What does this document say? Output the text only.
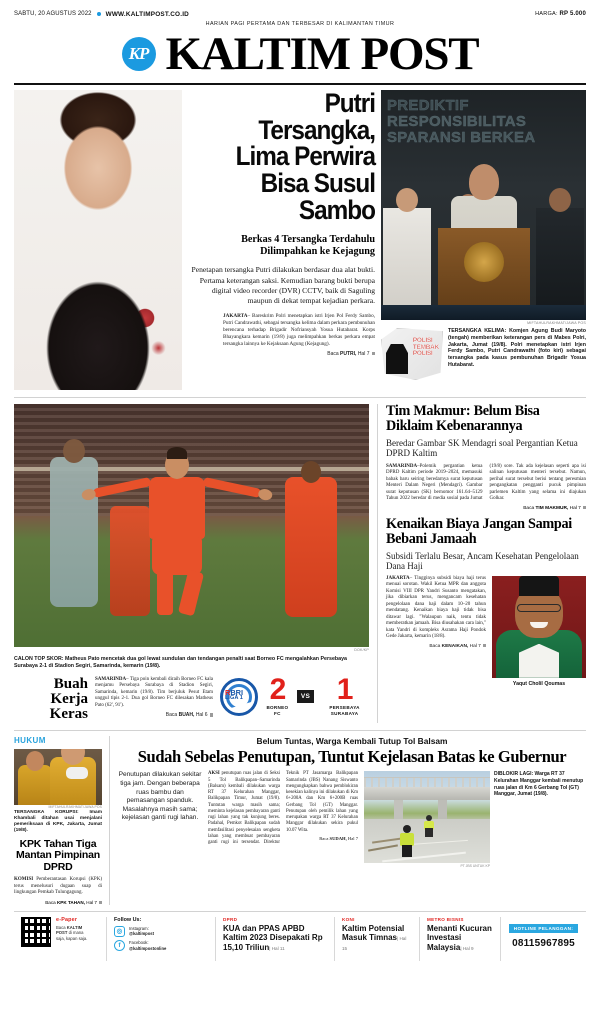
SABTU, 20 AGUSTUS 2022 WWW.KALTIMPOST.CO.ID	HARGA: RP 5.000
HARIAN PAGI PERTAMA DAN TERBESAR DI KALIMANTAN TIMUR
KP KALTIM POST
Putri Tersangka, Lima Perwira Bisa Susul Sambo
Berkas 4 Tersangka Terdahulu Dilimpahkan ke Kejagung
Penetapan tersangka Putri dilakukan berdasar dua alat bukti. Pertama keterangan saksi. Kemudian barang bukti berupa digital video recorder (DVR) CCTV, baik di Saguling maupun di dekat tempat kejadian perkara.
JAKARTA– Bareskrim Polri menetapkan istri Irjen Pol Ferdy Sambo, Putri Candrawathi, sebagai tersangka kelima dalam perkara pembunuhan berencana terhadap Brigadir Nofriansyah Yosua Hutabarat. Korps Bhayangkara kemarin (19/8) juga melimpahkan berkas perkara empat tersangka lainnya ke Kejaksaan Agung (Kejagung).
Baca PUTRI, Hal 7
PREDIKTIF
RESPONSIBILITAS
SPARANSI BERKEA
MIFTAHULRAKHMAT/JAWA POS
POLISI
TEMBAK
POLISI
TERSANGKA KELIMA: Komjen Agung Budi Maryoto (tengah) memberikan keterangan pers di Mabes Polri, Jakarta, Jumat (19/8). Polri menetapkan istri Irjen Ferdy Sambo, Putri Candrawathi (foto kiri) sebagai tersangka pada kasus pembunuhan Brigadir Yosua Hutabarat.
DOK/KP
CALON TOP SKOR: Matheus Pato mencetak dua gol lewat sundulan dan tendangan penalti saat Borneo FC mengalahkan Persebaya Surabaya 2-1 di Stadion Segiri, Samarinda, kemarin (19/8).
Buah Kerja Keras
SAMARINDA– Tiga poin kembali diraih Borneo FC kala menjamu Persebaya Surabaya di Stadion Segiri, Samarinda, kemarin (19/8). Tim berjuluk Pesut Etam unggul tipis 2-1. Dua gol Borneo FC dilesakan Matheus Pato (62', 91').
Baca BUAH, Hal 6
RBRI
LIGA 1 2
BORNEO FC
VS 1
PERSEBAYA SURABAYA
Tim Makmur: Belum Bisa Diklaim Kebenarannya
Beredar Gambar SK Mendagri soal Pergantian Ketua DPRD Kaltim
SAMARINDA–Polemik pergantian ketua DPRD Kaltim periode 2019–2024, memasuki babak baru seiring beredarnya surat keputusan Menteri Dalam Negeri (Mendagri). Gambar surat keputusan (SK) bernomor 161.64–5129 Tahun 2022 beredar di media sosial pada Jumat (19/8) sore. Tak ada kejelasan seperti apa isi salinan keputusan menteri tersebut. Namun, perihal surat tersebut berisi tentang peresmian pengangkatan pengganti pucuk pimpinan parlemen Kaltim yang selama ini diajukan Golkar.
Baca TIM MAKMUR, Hal 7
Kenaikan Biaya Jangan Sampai Bebani Jamaah
Subsidi Terlalu Besar, Ancam Kesehatan Pengelolaan Dana Haji
JAKARTA– Tingginya subsidi biaya haji terus menuai sorotan. Wakil Ketua MPR dan anggota Komisi VIII DPR Yandri Susanto mengatakan, jika dibiarkan terus, mengancam kesehatan pengelolaan dana haji dalam 10–20 tahun mendatang. Kenaikan biaya haji tidak bisa ditawar lagi. "Walaupun naik, tentu tidak memberatkan jamaah. Bisa diusahakan cara lain," kata Yandri di kompleks Asrama Haji Pondok Gede Jakarta, kemarin (18/8).
Baca KENAIKAN, Hal 7
Yaqut Cholil Qoumas
HUKUM
MIFTAHULRAKHMAT/JAWA POS
TERSANGKA KORUPSI: Imam Khambali ditahan usai menjalani pemeriksaan di KPK, Jakarta, Jumat (19/8).
KPK Tahan Tiga Mantan Pimpinan DPRD
KOMISI Pemberantasan Korupsi (KPK) terus menelusuri dugaan suap di lingkungan Pemkab Tulungagung.
Baca KPK TAHAN, Hal 7
Belum Tuntas, Warga Kembali Tutup Tol Balsam
Sudah Sebelas Penutupan, Tuntut Kejelasan Batas ke Gubernur
Penutupan dilakukan sekitar tiga jam. Dengan beberapa ruas bambu dan pemasangan spanduk. Masalahnya masih sama; kejelasan ganti rugi lahan.
AKSI penutupan ruas jalan di Seksi 5 Tol Balikpapan–Samarinda (Balsam) kembali dilakukan warga RT 37 Kelurahan Manggar, Balikpapan Timur, Jumat (19/8). Tuntutan warga masih sama; meminta kejelasan pembayaran ganti rugi lahan yang tak kunjung beres. Padahal, Pemkot Balikpapan sudah memfasilitasi penyelesaian sengketa lahan yang membuat pembayaran ganti rugi ini tersendat. Direktur Teknik PT Jasamarga Balikpapan Samarinda (JBS) Nanang Siswanto mengungkapkan bahwa pemblokiran kesekian kalinya ini dilakukan di Km 6+200A dan Km 6+200B ruas Gerbang Tol (GT) Manggar. Penutupan oleh pemilik lahan yang merupakan warga RT 37 Kelurahan Manggar dilakukan sekira pukul 10.07 Wita.
Baca SUDAH, Hal 7
PT JBS UNTUK KP
DIBLOKIR LAGI: Warga RT 37 Kelurahan Manggar kembali menutup ruas jalan di Km 6 Gerbang Tol (GT) Manggar, Jumat (19/8).
e-Paper
Baca KALTIM POST di mana saja, kapan saja.
Follow Us:
◎
Instagram:
@kaltimpost
f	Facebook:
@kaltimpostonline
DPRD
KUA dan PPAS APBD Kaltim 2023 Disepakati Rp 15,10 Triliun| Hal 11
KONI
Kaltim Potensial Masuk Timnas| Hal 15
METRO BISNIS
Menanti Kucuran Investasi Malaysia| Hal 9
HOTLINE PELANGGAN:
08115967895
